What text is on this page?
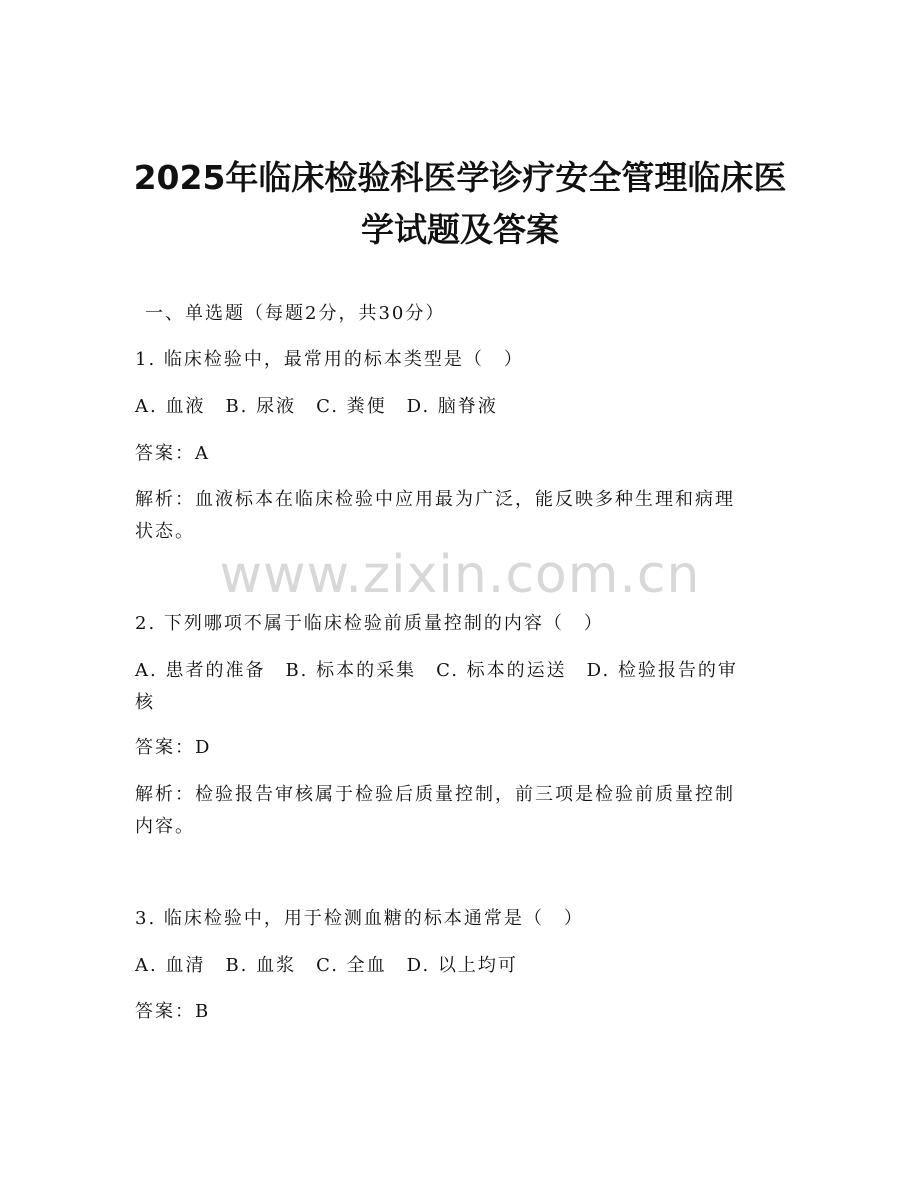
2025年临床检验科医学诊疗安全管理临床医
学试题及答案
一、单选题（每题2分，共30分）
1. 临床检验中，最常用的标本类型是（　）
A. 血液　B. 尿液　C. 粪便　D. 脑脊液
答案：A
解析：血液标本在临床检验中应用最为广泛，能反映多种生理和病理
状态。
www.zixin.com.cn
2. 下列哪项不属于临床检验前质量控制的内容（　）
A. 患者的准备　B. 标本的采集　C. 标本的运送　D. 检验报告的审
核
答案：D
解析：检验报告审核属于检验后质量控制，前三项是检验前质量控制
内容。
3. 临床检验中，用于检测血糖的标本通常是（　）
A. 血清　B. 血浆　C. 全血　D. 以上均可
答案：B
